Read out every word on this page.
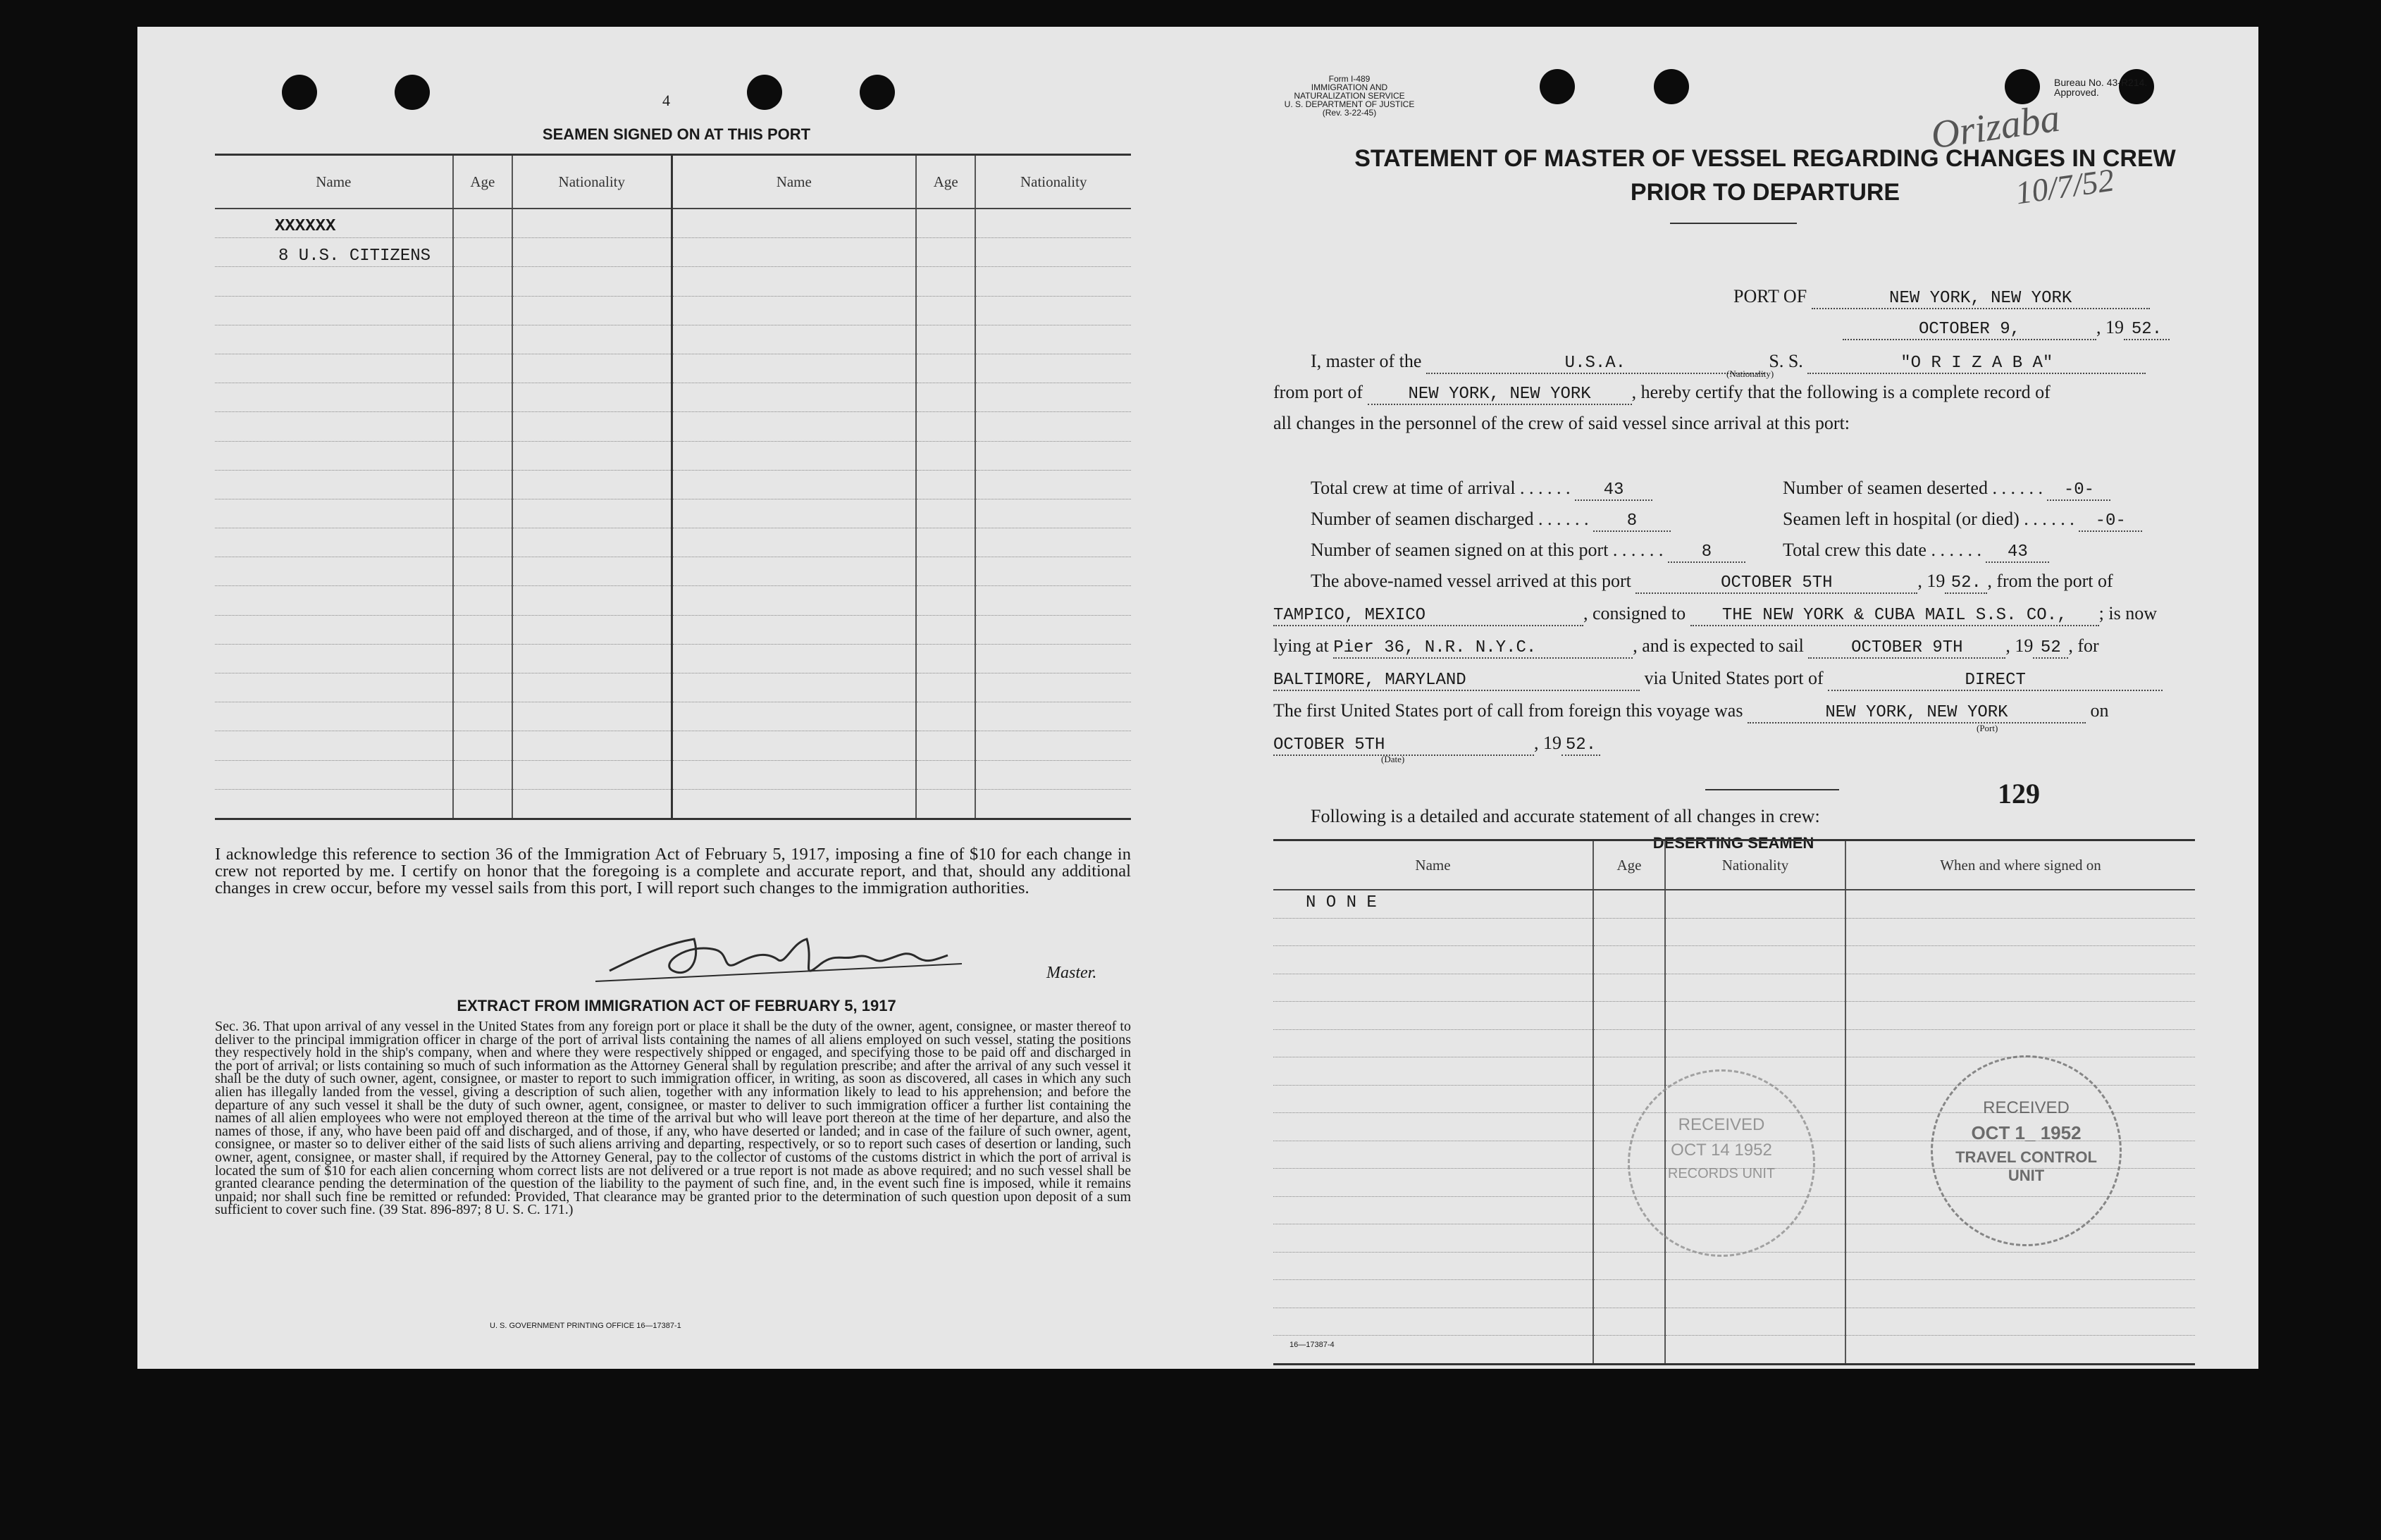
4
SEAMEN SIGNED ON AT THIS PORT
Name	Age	Nationality	Name	Age	Nationality

XXXXXX
8 U.S. CITIZENS
I acknowledge this reference to section 36 of the Immigration Act of February 5, 1917, imposing a fine of $10 for each change in crew not reported by me. I certify on honor that the foregoing is a complete and accurate report, and that, should any additional changes in crew occur, before my vessel sails from this port, I will report such changes to the immigration authorities.
Master.
EXTRACT FROM IMMIGRATION ACT OF FEBRUARY 5, 1917
Sec. 36. That upon arrival of any vessel in the United States from any foreign port or place it shall be the duty of the owner, agent, consignee, or master thereof to deliver to the principal immigration officer in charge of the port of arrival lists containing the names of all aliens employed on such vessel, stating the positions they respectively hold in the ship's company, when and where they were respectively shipped or engaged, and specifying those to be paid off and discharged in the port of arrival; or lists containing so much of such information as the Attorney General shall by regulation prescribe; and after the arrival of any such vessel it shall be the duty of such owner, agent, consignee, or master to report to such immigration officer, in writing, as soon as discovered, all cases in which any such alien has illegally landed from the vessel, giving a description of such alien, together with any information likely to lead to his apprehension; and before the departure of any such vessel it shall be the duty of such owner, agent, consignee, or master to deliver to such immigration officer a further list containing the names of all alien employees who were not employed thereon at the time of the arrival but who will leave port thereon at the time of her departure, and also the names of those, if any, who have been paid off and discharged, and of those, if any, who have deserted or landed; and in case of the failure of such owner, agent, consignee, or master so to deliver either of the said lists of such aliens arriving and departing, respectively, or so to report such cases of desertion or landing, such owner, agent, consignee, or master shall, if required by the Attorney General, pay to the collector of customs of the customs district in which the port of arrival is located the sum of $10 for each alien concerning whom correct lists are not delivered or a true report is not made as above required; and no such vessel shall be granted clearance pending the determination of the question of the liability to the payment of such fine, and, in the event such fine is imposed, while it remains unpaid; nor shall such fine be remitted or refunded: Provided, That clearance may be granted prior to the determination of such question upon deposit of a sum sufficient to cover such fine. (39 Stat. 896-897; 8 U. S. C. 171.)
U. S. GOVERNMENT PRINTING OFFICE 16—17387-1
Form I-489
IMMIGRATION AND NATURALIZATION SERVICE
U. S. DEPARTMENT OF JUSTICE
(Rev. 3-22-45)
Bureau No. 43-R214.
Approved.
Orizaba
10/7/52
STATEMENT OF MASTER OF VESSEL REGARDING CHANGES IN CREW
PRIOR TO DEPARTURE
PORT OF	NEW YORK, NEW YORK
OCTOBER 9,	, 19 52.
I, master of the	U.S.A.	S. S.	"O R I Z A B A"
(Nationality)
from port of	NEW YORK, NEW YORK , hereby certify that the following is a complete record of
all changes in the personnel of the crew of said vessel since arrival at this port:
Total crew at time of arrival . . . . . . 43
Number of seamen discharged . . . . . . 8
Number of seamen signed on at this port . . . . . . 8
Number of seamen deserted . . . . . . -0-
Seamen left in hospital (or died) . . . . . . -0-
Total crew this date . . . . . . 43
The above-named vessel arrived at this port	OCTOBER 5TH	, 19 52. , from the port of
TAMPICO, MEXICO	, consigned to THE NEW YORK & CUBA MAIL S.S. CO., ; is now
lying at Pier 36, N.R. N.Y.C.	, and is expected to sail	OCTOBER 9TH , 19 52 , for
BALTIMORE, MARYLAND	via United States port of	DIRECT
The first United States port of call from foreign this voyage was	NEW YORK, NEW YORK	on
(Port)
OCTOBER 5TH	, 19 52.
(Date)
129
Following is a detailed and accurate statement of all changes in crew:
DESERTING SEAMEN
Name	Age	Nationality	When and where signed on

N O N E
RECEIVED
OCT 14 1952
RECORDS UNIT
RECEIVED
OCT 1_ 1952
TRAVEL CONTROL
UNIT
16—17387-4
